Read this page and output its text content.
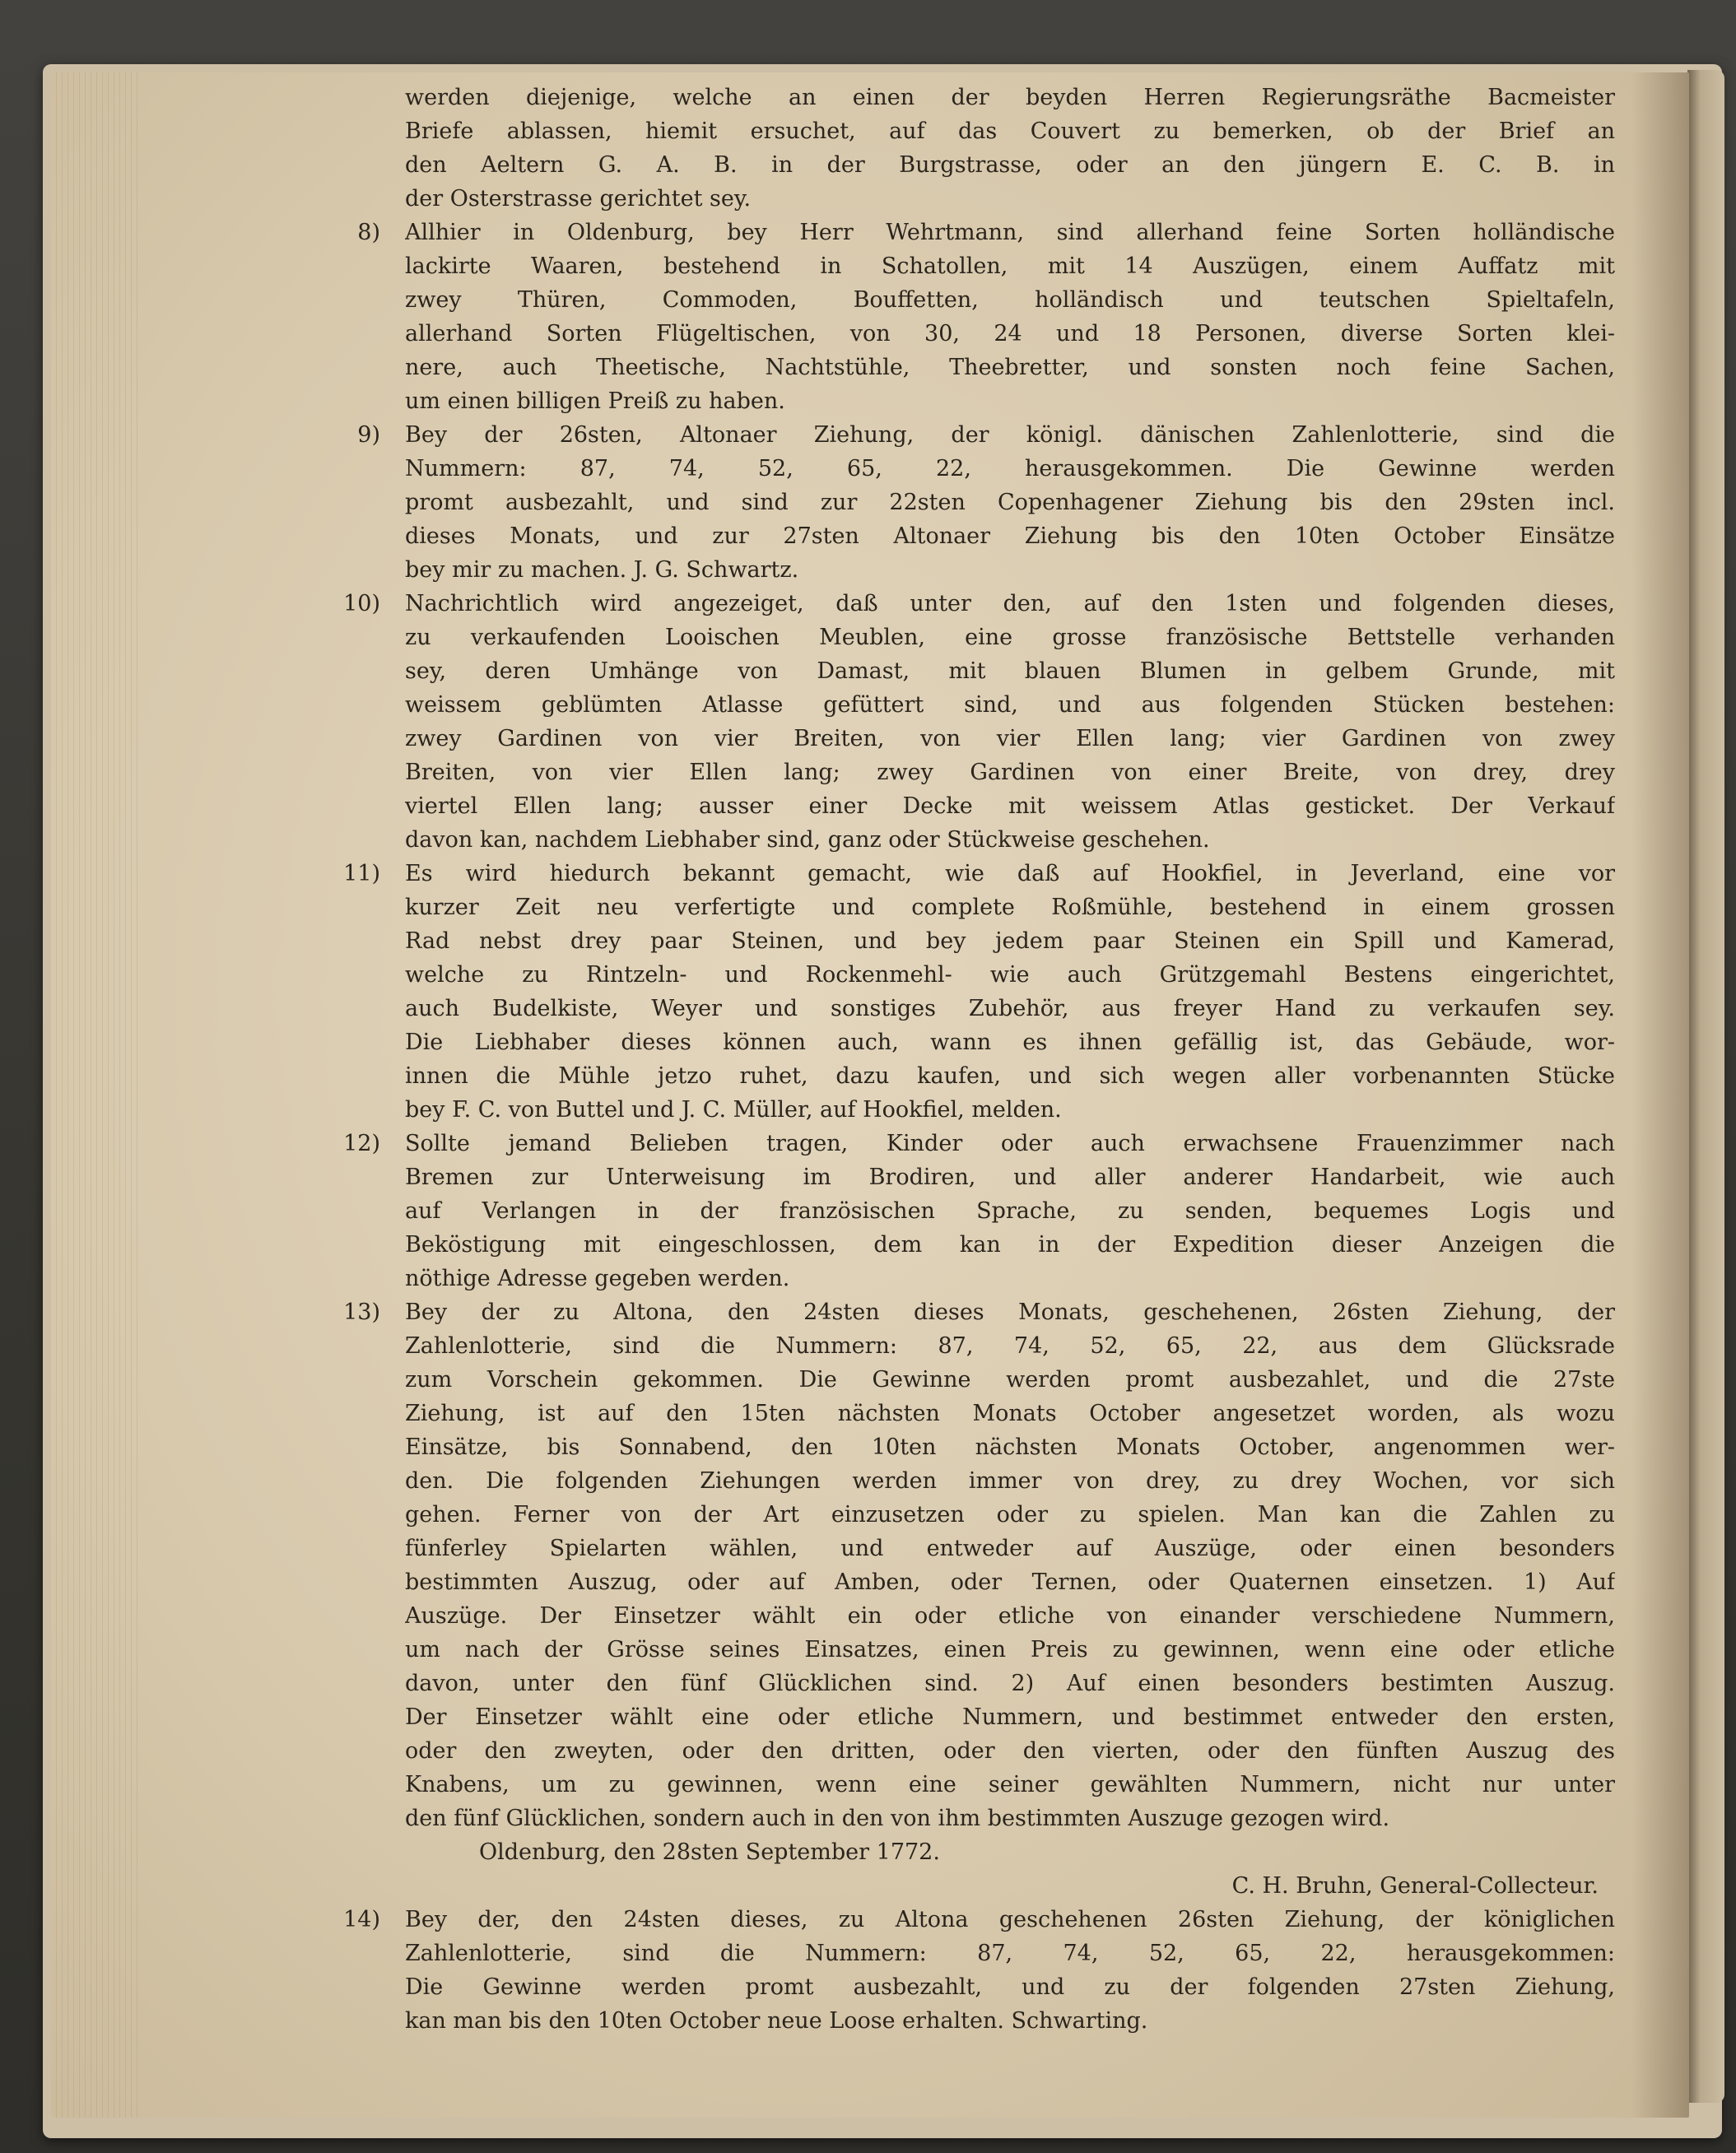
werden diejenige, welche an einen der beyden Herren Regierungsräthe Bacmeister
Briefe ablassen, hiemit ersuchet, auf das Couvert zu bemerken, ob der Brief an
den Aeltern G. A. B. in der Burgstrasse, oder an den jüngern E. C. B. in
der Osterstrasse gerichtet sey.
8) Allhier in Oldenburg, bey Herr Wehrtmann, sind allerhand feine Sorten holländische
lackirte Waaren, bestehend in Schatollen, mit 14 Auszügen, einem Auffatz mit
zwey Thüren, Commoden, Bouffetten, holländisch und teutschen Spieltafeln,
allerhand Sorten Flügeltischen, von 30, 24 und 18 Personen, diverse Sorten klei-
nere, auch Theetische, Nachtstühle, Theebretter, und sonsten noch feine Sachen,
um einen billigen Preiß zu haben.
9) Bey der 26sten, Altonaer Ziehung, der königl. dänischen Zahlenlotterie, sind die
Nummern: 87, 74, 52, 65, 22, herausgekommen. Die Gewinne werden
promt ausbezahlt, und sind zur 22sten Copenhagener Ziehung bis den 29sten incl.
dieses Monats, und zur 27sten Altonaer Ziehung bis den 10ten October Einsätze
bey mir zu machen. J. G. Schwartz.
10) Nachrichtlich wird angezeiget, daß unter den, auf den 1sten und folgenden dieses,
zu verkaufenden Looischen Meublen, eine grosse französische Bettstelle verhanden
sey, deren Umhänge von Damast, mit blauen Blumen in gelbem Grunde, mit
weissem geblümten Atlasse gefüttert sind, und aus folgenden Stücken bestehen:
zwey Gardinen von vier Breiten, von vier Ellen lang; vier Gardinen von zwey
Breiten, von vier Ellen lang; zwey Gardinen von einer Breite, von drey, drey
viertel Ellen lang; ausser einer Decke mit weissem Atlas gesticket. Der Verkauf
davon kan, nachdem Liebhaber sind, ganz oder Stückweise geschehen.
11) Es wird hiedurch bekannt gemacht, wie daß auf Hookfiel, in Jeverland, eine vor
kurzer Zeit neu verfertigte und complete Roßmühle, bestehend in einem grossen
Rad nebst drey paar Steinen, und bey jedem paar Steinen ein Spill und Kamerad,
welche zu Rintzeln- und Rockenmehl- wie auch Grützgemahl Bestens eingerichtet,
auch Budelkiste, Weyer und sonstiges Zubehör, aus freyer Hand zu verkaufen sey.
Die Liebhaber dieses können auch, wann es ihnen gefällig ist, das Gebäude, wor-
innen die Mühle jetzo ruhet, dazu kaufen, und sich wegen aller vorbenannten Stücke
bey F. C. von Buttel und J. C. Müller, auf Hookfiel, melden.
12) Sollte jemand Belieben tragen, Kinder oder auch erwachsene Frauenzimmer nach
Bremen zur Unterweisung im Brodiren, und aller anderer Handarbeit, wie auch
auf Verlangen in der französischen Sprache, zu senden, bequemes Logis und
Beköstigung mit eingeschlossen, dem kan in der Expedition dieser Anzeigen die
nöthige Adresse gegeben werden.
13) Bey der zu Altona, den 24sten dieses Monats, geschehenen, 26sten Ziehung, der
Zahlenlotterie, sind die Nummern: 87, 74, 52, 65, 22, aus dem Glücksrade
zum Vorschein gekommen. Die Gewinne werden promt ausbezahlet, und die 27ste
Ziehung, ist auf den 15ten nächsten Monats October angesetzet worden, als wozu
Einsätze, bis Sonnabend, den 10ten nächsten Monats October, angenommen wer-
den. Die folgenden Ziehungen werden immer von drey, zu drey Wochen, vor sich
gehen. Ferner von der Art einzusetzen oder zu spielen. Man kan die Zahlen zu
fünferley Spielarten wählen, und entweder auf Auszüge, oder einen besonders
bestimmten Auszug, oder auf Amben, oder Ternen, oder Quaternen einsetzen. 1) Auf
Auszüge. Der Einsetzer wählt ein oder etliche von einander verschiedene Nummern,
um nach der Grösse seines Einsatzes, einen Preis zu gewinnen, wenn eine oder etliche
davon, unter den fünf Glücklichen sind. 2) Auf einen besonders bestimten Auszug.
Der Einsetzer wählt eine oder etliche Nummern, und bestimmet entweder den ersten,
oder den zweyten, oder den dritten, oder den vierten, oder den fünften Auszug des
Knabens, um zu gewinnen, wenn eine seiner gewählten Nummern, nicht nur unter
den fünf Glücklichen, sondern auch in den von ihm bestimmten Auszuge gezogen wird.
Oldenburg, den 28sten September 1772.
C. H. Bruhn, General-Collecteur.
14) Bey der, den 24sten dieses, zu Altona geschehenen 26sten Ziehung, der königlichen
Zahlenlotterie, sind die Nummern: 87, 74, 52, 65, 22, herausgekommen:
Die Gewinne werden promt ausbezahlt, und zu der folgenden 27sten Ziehung,
kan man bis den 10ten October neue Loose erhalten. Schwarting.
